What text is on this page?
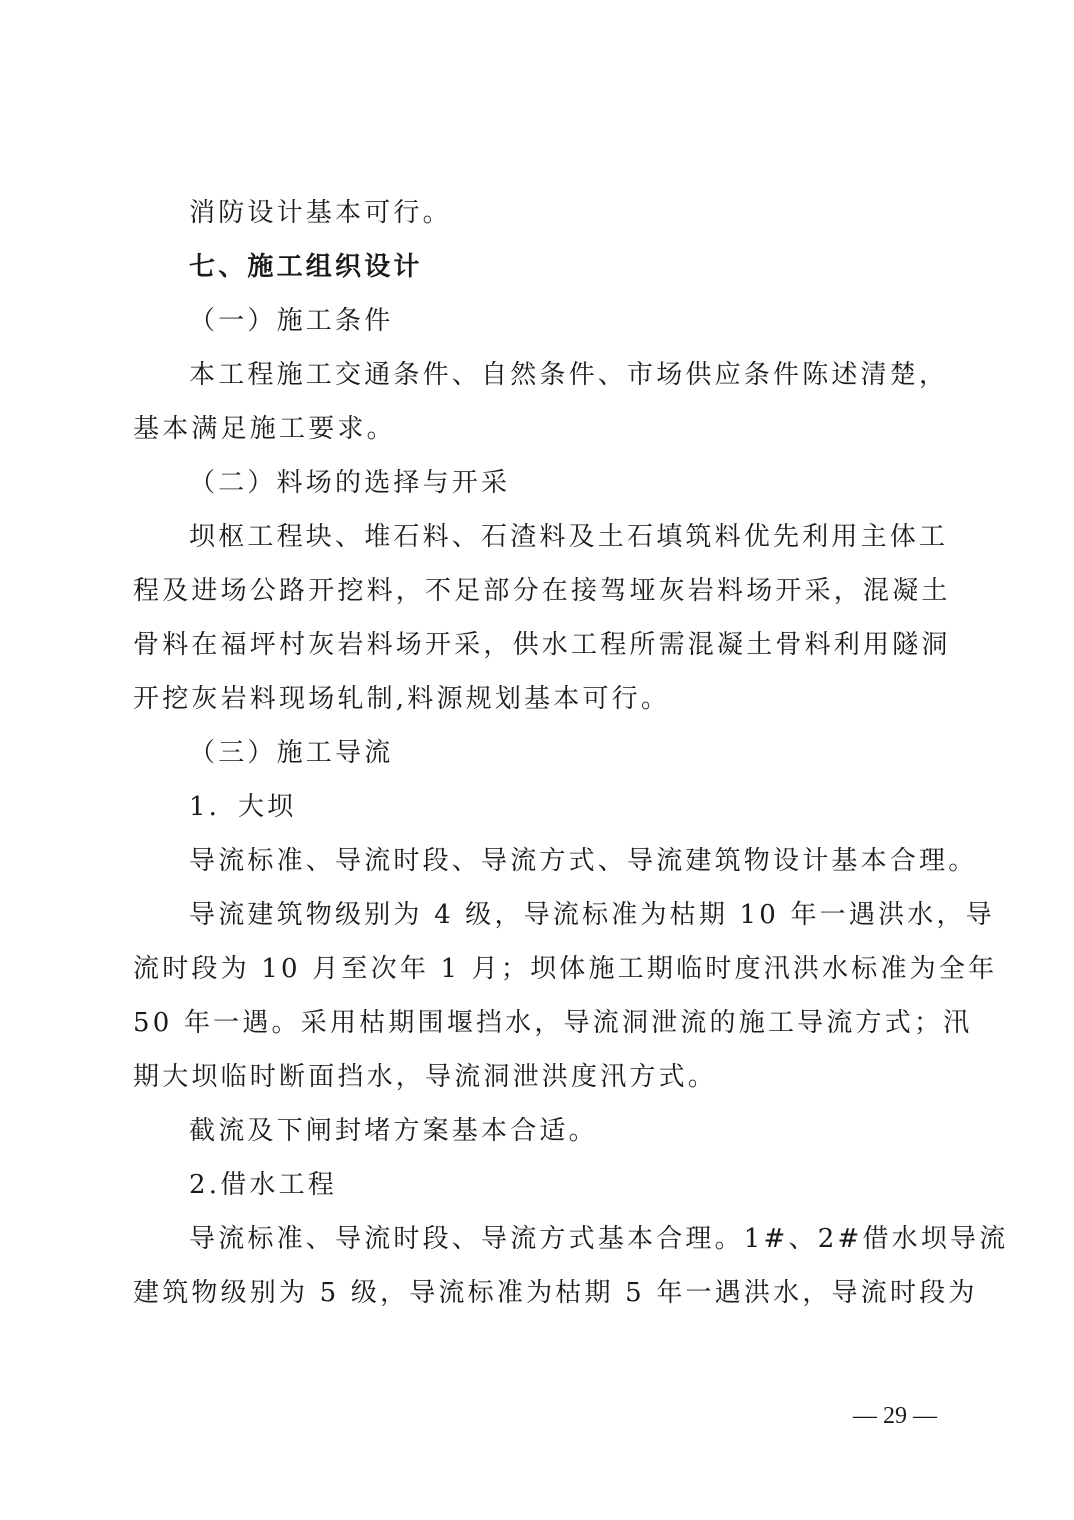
消防设计基本可行。
七、施工组织设计
（一）施工条件
本工程施工交通条件、自然条件、市场供应条件陈述清楚，
基本满足施工要求。
（二）料场的选择与开采
坝枢工程块、堆石料、石渣料及土石填筑料优先利用主体工
程及进场公路开挖料，不足部分在接驾垭灰岩料场开采，混凝土
骨料在福坪村灰岩料场开采，供水工程所需混凝土骨料利用隧洞
开挖灰岩料现场轧制,料源规划基本可行。
（三）施工导流
1．大坝
导流标准、导流时段、导流方式、导流建筑物设计基本合理。
导流建筑物级别为 4 级，导流标准为枯期 10 年一遇洪水，导
流时段为 10 月至次年 1 月；坝体施工期临时度汛洪水标准为全年
50 年一遇。采用枯期围堰挡水，导流洞泄流的施工导流方式；汛
期大坝临时断面挡水，导流洞泄洪度汛方式。
截流及下闸封堵方案基本合适。
2.借水工程
导流标准、导流时段、导流方式基本合理。1#、2#借水坝导流
建筑物级别为 5 级，导流标准为枯期 5 年一遇洪水，导流时段为
— 29 —
